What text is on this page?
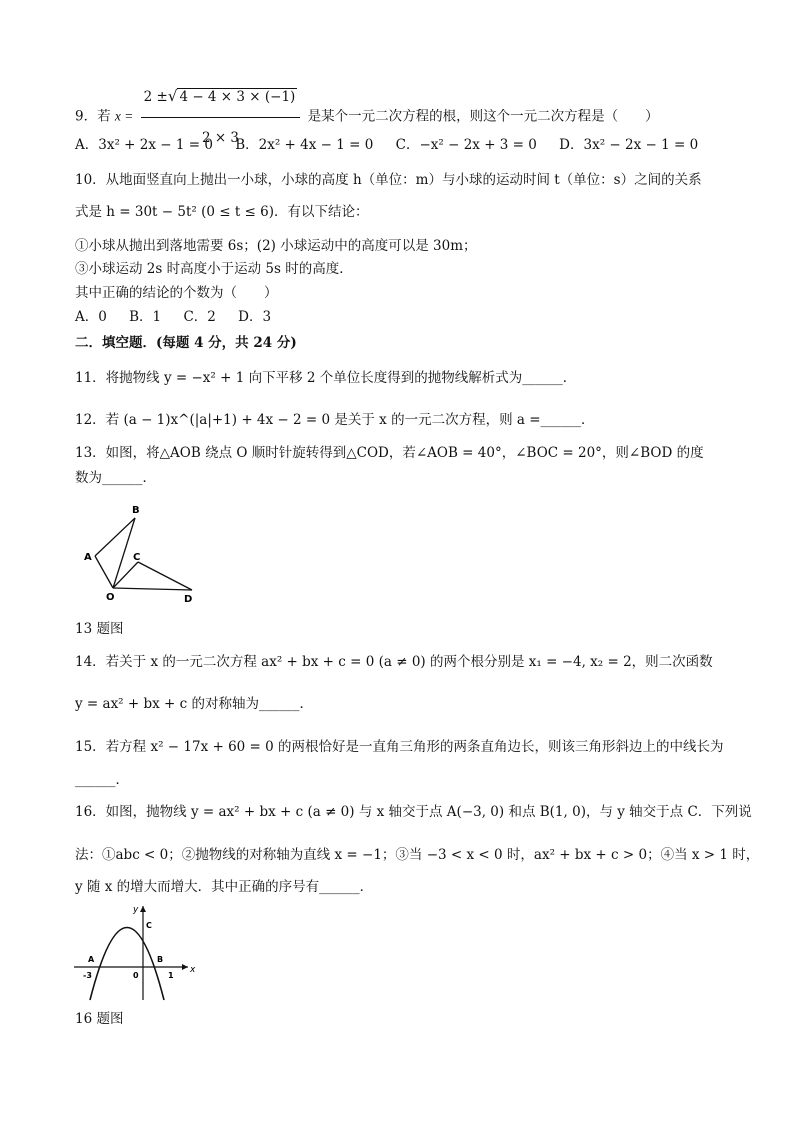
9．若 $x = \frac{2 \pm√ 4 - 4 \times 3 \times (-1)}{2 \times 3}$ 是某个一元二次方程的根，则这个一元二次方程是（　　）
A．3x² + 2x − 1 = 0 B．2x² + 4x − 1 = 0 C．−x² − 2x + 3 = 0 D．3x² − 2x − 1 = 0
10．从地面竖直向上抛出一小球，小球的高度 h（单位：m）与小球的运动时间 t（单位：s）之间的关系
式是 h = 30t − 5t² (0 ≤ t ≤ 6)．有以下结论：
①小球从抛出到落地需要 6s；(2) 小球运动中的高度可以是 30m；
③小球运动 2s 时高度小于运动 5s 时的高度．
其中正确的结论的个数为（　　）
A．0 B．1 C．2 D．3
二．填空题．(每题 4 分，共 24 分)
11．将抛物线 y = −x² + 1 向下平移 2 个单位长度得到的抛物线解析式为______．
12．若 (a − 1)x^(|a|+1) + 4x − 2 = 0 是关于 x 的一元二次方程，则 a =______．
13．如图，将△AOB 绕点 O 顺时针旋转得到△COD，若∠AOB = 40°，∠BOC = 20°，则∠BOD 的度
数为______．
B
A	C
O	D
13 题图
14．若关于 x 的一元二次方程 ax² + bx + c = 0 (a ≠ 0) 的两个根分别是 x₁ = −4, x₂ = 2，则二次函数
y = ax² + bx + c 的对称轴为______．
15．若方程 x² − 17x + 60 = 0 的两根恰好是一直角三角形的两条直角边长，则该三角形斜边上的中线长为
______．
16．如图，抛物线 y = ax² + bx + c (a ≠ 0) 与 x 轴交于点 A(−3, 0) 和点 B(1, 0)，与 y 轴交于点 C．下列说
法：①abc < 0；②抛物线的对称轴为直线 x = −1；③当 −3 < x < 0 时，ax² + bx + c > 0；④当 x > 1 时，
y 随 x 的增大而增大．其中正确的序号有______．
y
x
C
A	B
-3	0	1
16 题图
